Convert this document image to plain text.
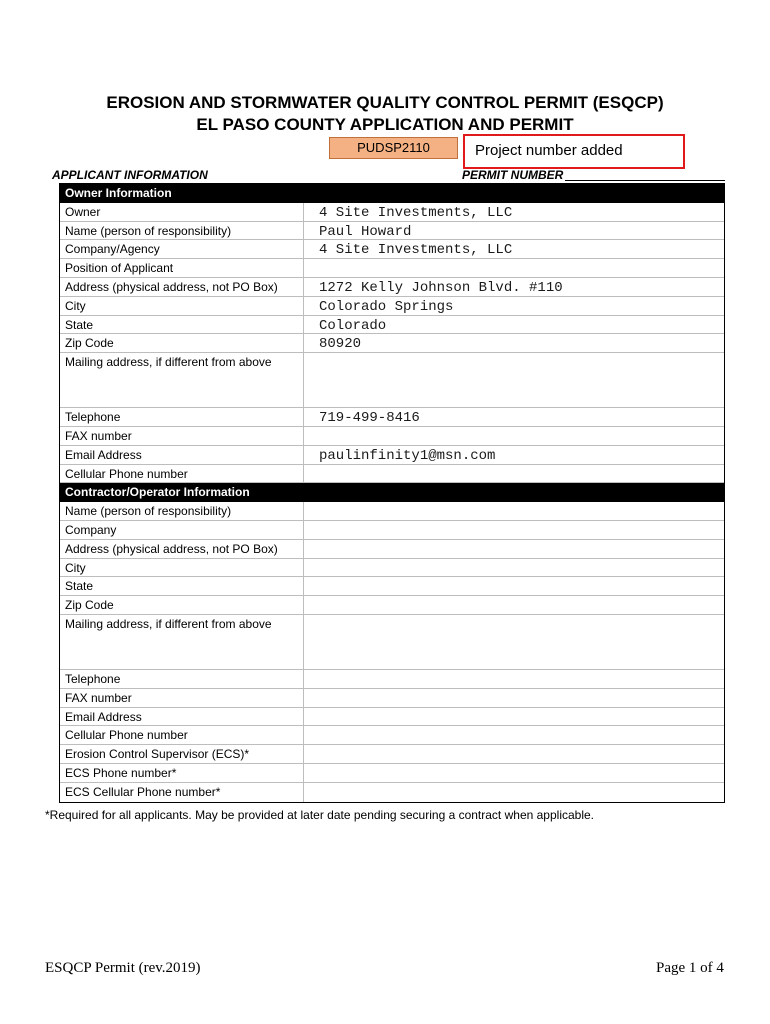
EROSION AND STORMWATER QUALITY CONTROL PERMIT (ESQCP)
EL PASO COUNTY APPLICATION AND PERMIT
PUDSP2110	Project number added
APPLICANT INFORMATION	PERMIT NUMBER
Owner Information
Owner	4 Site Investments, LLC
Name (person of responsibility)	Paul Howard
Company/Agency	4 Site Investments, LLC
Position of Applicant
Address (physical address, not PO Box)	1272 Kelly Johnson Blvd. #110
City	Colorado Springs
State	Colorado
Zip Code	80920
Mailing address, if different from above
Telephone	719-499-8416
FAX number
Email Address	paulinfinity1@msn.com
Cellular Phone number
Contractor/Operator Information
Name (person of responsibility)
Company
Address (physical address, not PO Box)
City
State
Zip Code
Mailing address, if different from above
Telephone
FAX number
Email Address
Cellular Phone number
Erosion Control Supervisor (ECS)*
ECS Phone number*
ECS Cellular Phone number*
*Required for all applicants. May be provided at later date pending securing a contract when applicable.
ESQCP Permit (rev.2019)	Page 1 of 4
